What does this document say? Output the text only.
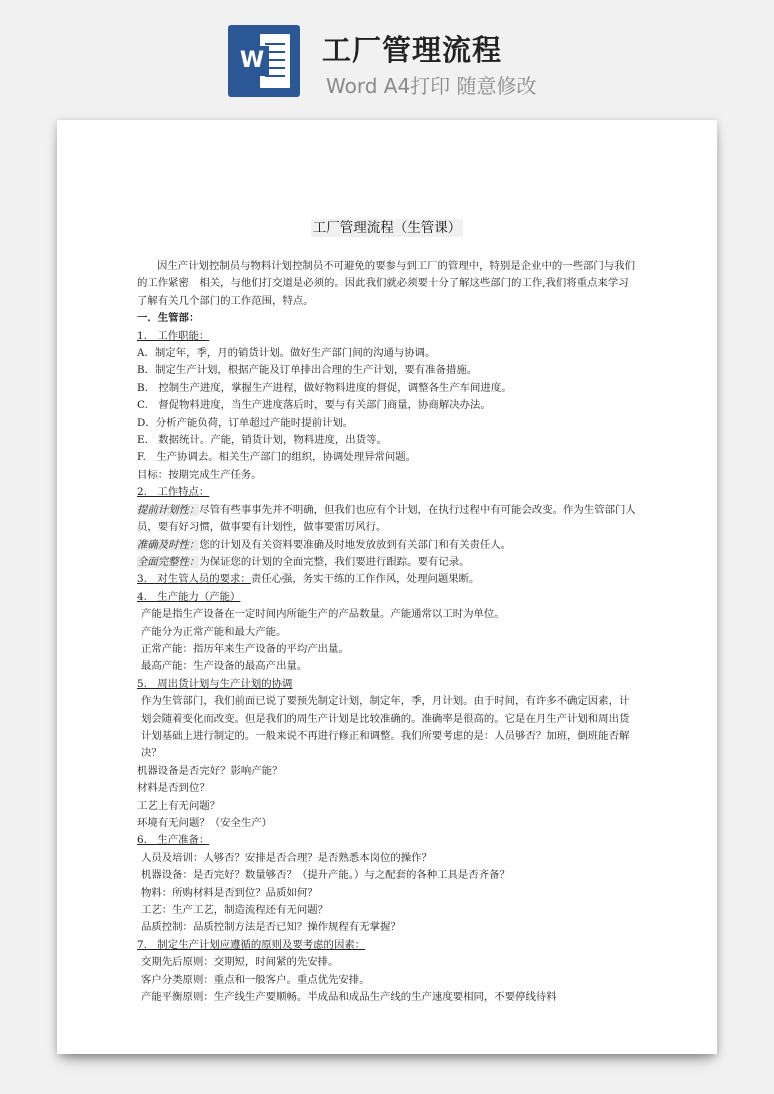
W 工厂管理流程
Word A4打印 随意修改
工厂管理流程（生管课）

因生产计划控制员与物料计划控制员不可避免的要参与到工厂的管理中，特别是企业中的一些部门与我们的工作紧密　相关，与他们打交道是必须的。因此我们就必须要十分了解这些部门的工作,我们将重点来学习了解有关几个部门的工作范围，特点。

一．生管部：

1.　工作职能：

A．制定年，季，月的销货计划。做好生产部门间的沟通与协调。

B．制定生产计划，根据产能及订单排出合理的生产计划，要有准备措施。

B.　控制生产进度，掌握生产进程，做好物料进度的督促，调整各生产车间进度。

C.　督促物料进度，当生产进度落后时，要与有关部门商量，协商解决办法。

D．分析产能负荷，订单超过产能时提前计划。

E.　数据统计。产能，销货计划，物料进度，出货等。

F.　生产协调去。相关生产部门的组织，协调处理异常问题。

目标：按期完成生产任务。

2.　工作特点：

提前计划性：尽管有些事事先并不明确，但我们也应有个计划，在执行过程中有可能会改变。作为生管部门人员，要有好习惯，做事要有计划性，做事要雷厉风行。

准确及时性：您的计划及有关资料要准确及时地发放放到有关部门和有关责任人。

全面完整性：为保证您的计划的全面完整，我们要进行跟踪。要有记录。

3.　对生管人员的要求：责任心强，务实干练的工作作风，处理问题果断。

4.　生产能力（产能）

产能是指生产设备在一定时间内所能生产的产品数量。产能通常以工时为单位。

产能分为正常产能和最大产能。

正常产能：指历年来生产设备的平均产出量。

最高产能：生产设备的最高产出量。

5.　周出货计划与生产计划的协调

作为生管部门，我们前面已说了要预先制定计划，制定年，季，月计划。由于时间，有许多不确定因素，计划会随着变化而改变。但是我们的周生产计划是比较准确的。准确率是很高的。它是在月生产计划和周出货计划基础上进行制定的。一般来说不再进行修正和调整。我们所要考虑的是：人员够否？加班，倒班能否解决？

机器设备是否完好？影响产能？

材料是否到位？

工艺上有无问题？

环境有无问题？（安全生产）

6.　生产准备：

人员及培训：人够否？安排是否合理？是否熟悉本岗位的操作？

机器设备：是否完好？数量够否？（提升产能。）与之配套的各种工具是否齐备？

物料：所购材料是否到位？品质如何？

工艺：生产工艺，制造流程还有无问题？

品质控制：品质控制方法是否已知？操作规程有无掌握？

7.　制定生产计划应遵循的原则及要考虑的因素：

交期先后原则：交期短，时间紧的先安排。

客户分类原则：重点和一般客户。重点优先安排。

产能平衡原则：生产线生产要顺畅。半成品和成品生产线的生产速度要相同，不要停线待料
